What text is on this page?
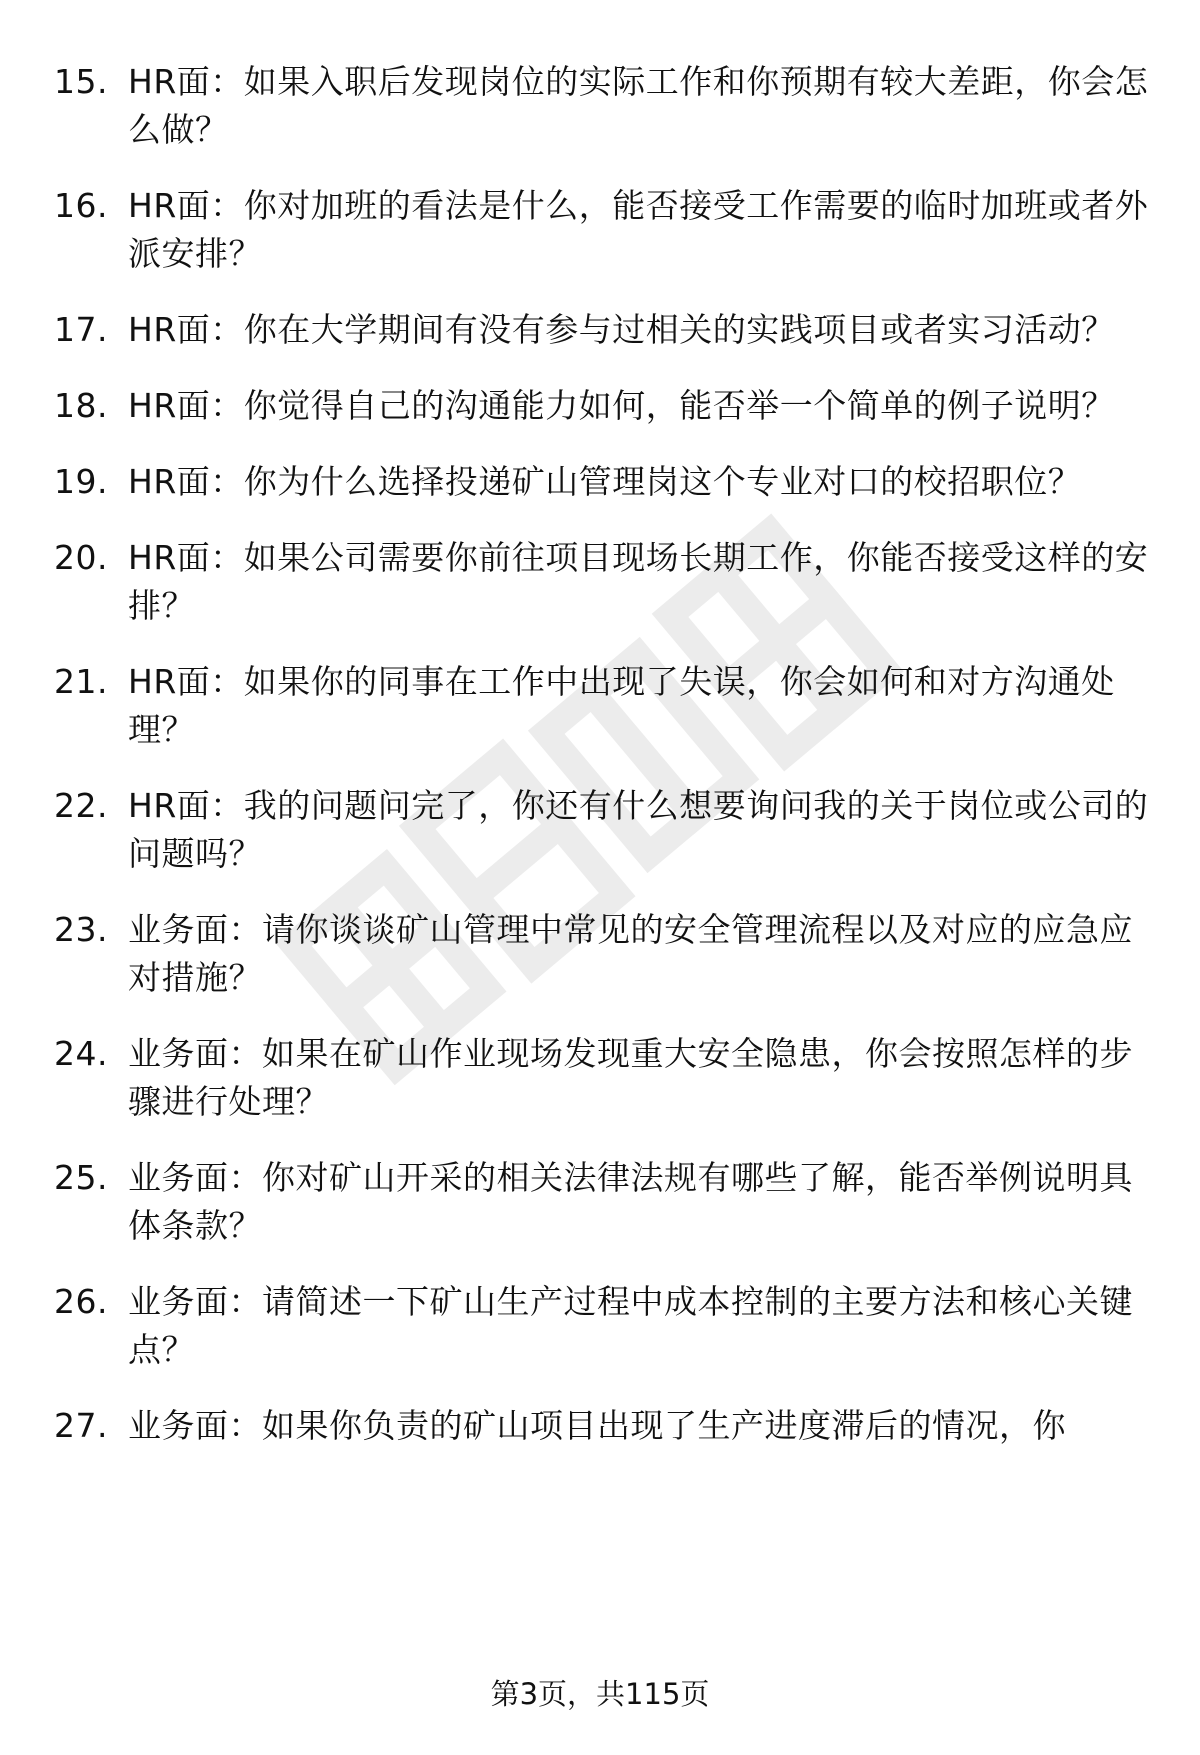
15. HR面：如果入职后发现岗位的实际工作和你预期有较大差距，你会怎么做？
16. HR面：你对加班的看法是什么，能否接受工作需要的临时加班或者外派安排？
17. HR面：你在大学期间有没有参与过相关的实践项目或者实习活动？
18. HR面：你觉得自己的沟通能力如何，能否举一个简单的例子说明？
19. HR面：你为什么选择投递矿山管理岗这个专业对口的校招职位？
20. HR面：如果公司需要你前往项目现场长期工作，你能否接受这样的安排？
21. HR面：如果你的同事在工作中出现了失误，你会如何和对方沟通处理？
22. HR面：我的问题问完了，你还有什么想要询问我的关于岗位或公司的问题吗？
23. 业务面：请你谈谈矿山管理中常见的安全管理流程以及对应的应急应对措施？
24. 业务面：如果在矿山作业现场发现重大安全隐患，你会按照怎样的步骤进行处理？
25. 业务面：你对矿山开采的相关法律法规有哪些了解，能否举例说明具体条款？
26. 业务面：请简述一下矿山生产过程中成本控制的主要方法和核心关键点？
27. 业务面：如果你负责的矿山项目出现了生产进度滞后的情况，你
第3页，共115页
